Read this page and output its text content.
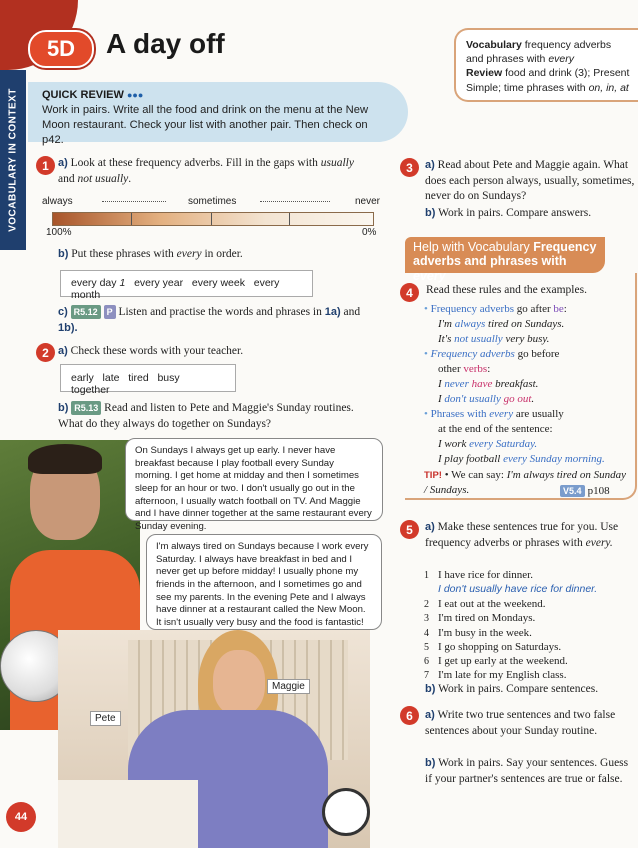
VOCABULARY IN CONTEXT
5D	A day off	Vocabulary frequency adverbs
and phrases with every
Review food and drink (3); Present
Simple; time phrases with on, in, at
QUICK REVIEW ●●●
Work in pairs. Write all the food and drink on the menu at the New Moon restaurant. Check your list with another pair. Then check on p42.
1 a) Look at these frequency adverbs. Fill in the gaps with usually and not usually.
always	sometimes	never
100%	0%
b) Put these phrases with every in order.
every day 1 every year every week every month
c) R5.12 P Listen and practise the words and phrases in 1a) and 1b).
2 a) Check these words with your teacher.
early late tired busy   together
b) R5.13 Read and listen to Pete and Maggie's Sunday routines. What do they always do together on Sundays?
On Sundays I always get up early. I never have breakfast because I play football every Sunday morning. I get home at midday and then I sometimes sleep for an hour or two. I don't usually go out in the afternoon, I usually watch football on TV. And Maggie and I have dinner together at the same restaurant every Sunday evening.
I'm always tired on Sundays because I work every Saturday. I always have breakfast in bed and I never get up before midday! I usually phone my friends in the afternoon, and I sometimes go and see my parents. In the evening Pete and I always have dinner at a restaurant called the New Moon. It isn't usually very busy and the food is fantastic!
Pete
Maggie
44
3	a) Read about Pete and Maggie again. What does each person always, usually, sometimes, never do on Sundays?
b) Work in pairs. Compare answers.
Help with Vocabulary Frequency adverbs and phrases with every
4	Read these rules and the examples.
• Frequency adverbs go after be:
I'm always tired on Sundays.
It's not usually very busy.
• Frequency adverbs go before
other verbs:
I never have breakfast.
I don't usually go out.
• Phrases with every are usually
at the end of the sentence:
I work every Saturday.
I play football every Sunday morning.
TIP! • We can say: I'm always tired on Sunday / Sundays.	V5.4 p108
5	a) Make these sentences true for you. Use frequency adverbs or phrases with every.
1 I have rice for dinner.
I don't usually have rice for dinner.
2 I eat out at the weekend.
3 I'm tired on Mondays.
4 I'm busy in the week.
5 I go shopping on Saturdays.
6 I get up early at the weekend.
7 I'm late for my English class.
b) Work in pairs. Compare sentences.
6	a) Write two true sentences and two false sentences about your Sunday routine.
b) Work in pairs. Say your sentences. Guess if your partner's sentences are true or false.
